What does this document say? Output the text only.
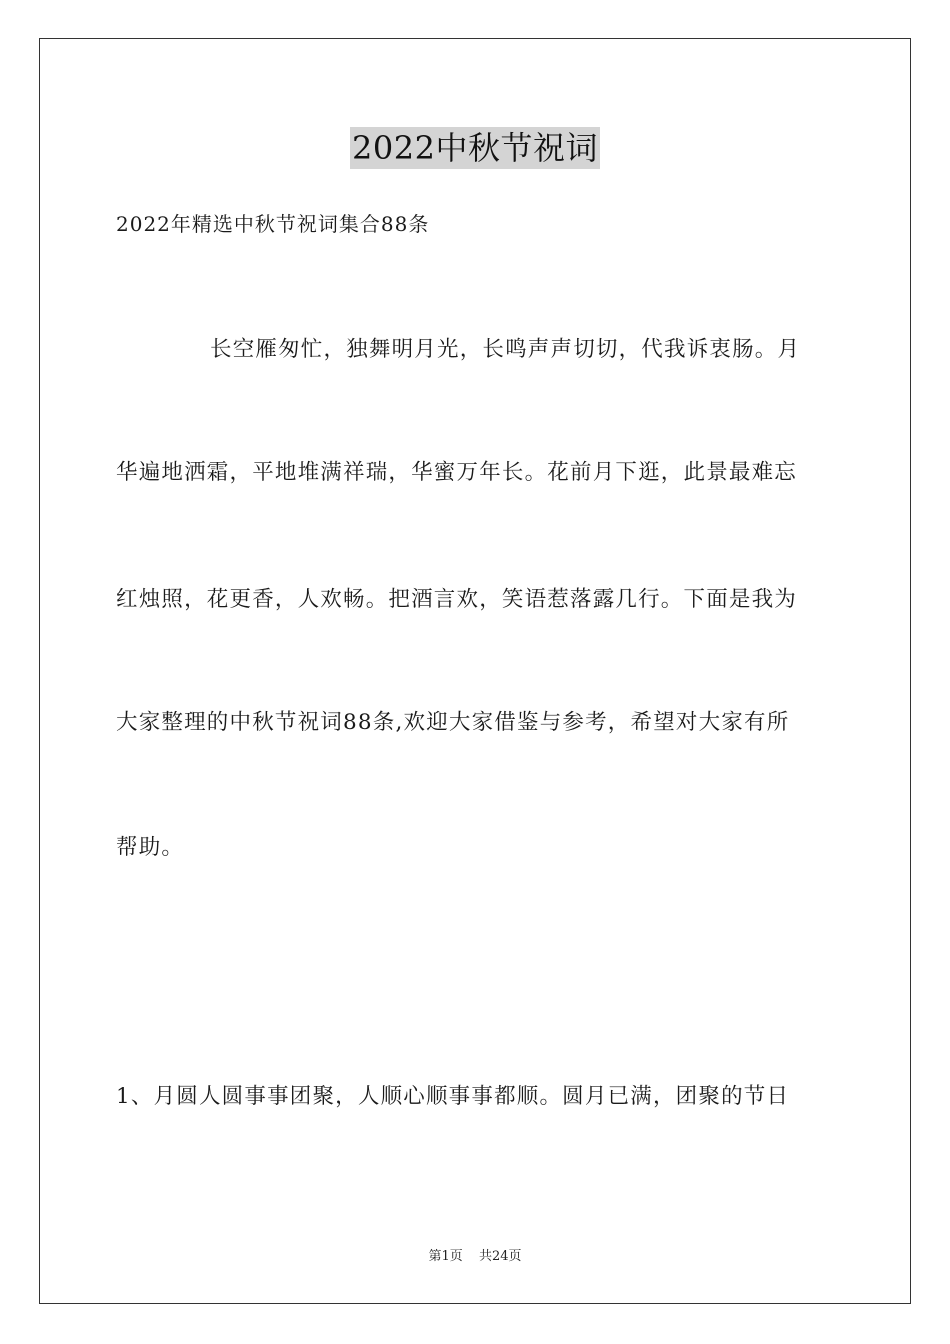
2022中秋节祝词
2022年精选中秋节祝词集合88条
长空雁匆忙，独舞明月光，长鸣声声切切，代我诉衷肠。月
华遍地洒霜，平地堆满祥瑞，华蜜万年长。花前月下逛，此景最难忘
红烛照，花更香，人欢畅。把酒言欢，笑语惹落露几行。下面是我为
大家整理的中秋节祝词88条,欢迎大家借鉴与参考，希望对大家有所
帮助。
1、月圆人圆事事团聚，人顺心顺事事都顺。圆月已满，团聚的节日
第1页 共24页
